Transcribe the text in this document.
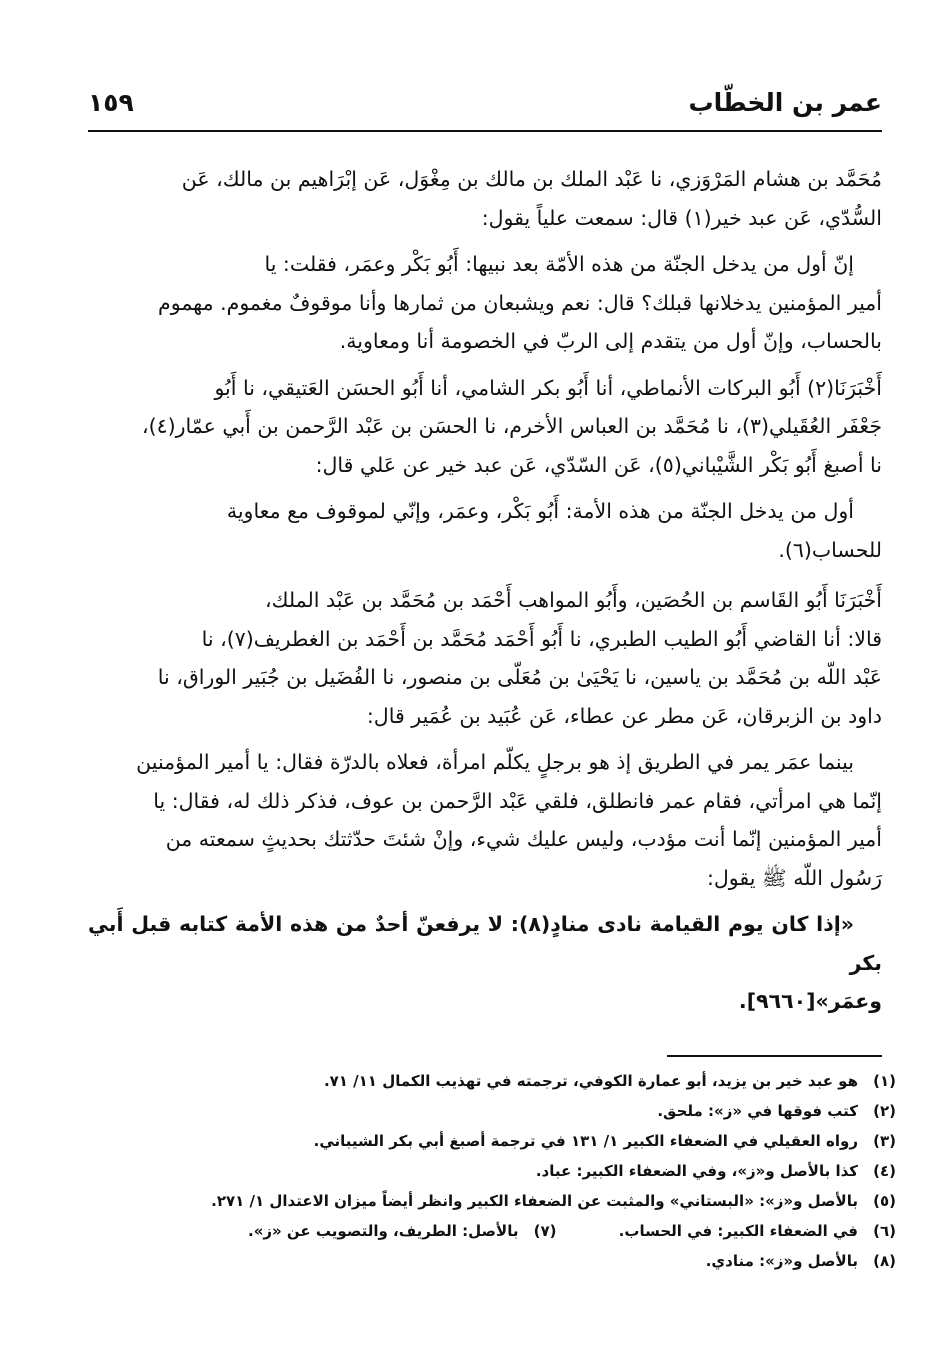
عمر بن الخطّاب
١٥٩

مُحَمَّد بن هشام المَرْوَزي، نا عَبْد الملك بن مالك بن مِغْوَل، عَن إبْرَاهيم بن مالك، عَن
السُّدّي، عَن عبد خير(١) قال: سمعت علياً يقول:

إنّ أول من يدخل الجنّة من هذه الأمّة بعد نبيها: أَبُو بَكْر وعمَر، فقلت: يا
أمير المؤمنين يدخلانها قبلك؟ قال: نعم ويشبعان من ثمارها وأنا موقوفٌ مغموم. مهموم
بالحساب، وإنّ أول من يتقدم إلى الربّ في الخصومة أنا ومعاوية.

أَخْبَرَنَا(٢) أَبُو البركات الأنماطي، أنا أَبُو بكر الشامي، أنا أَبُو الحسَن العَتيقي، نا أَبُو
جَعْفَر العُقَيلي(٣)، نا مُحَمَّد بن العباس الأخرم، نا الحسَن بن عَبْد الرَّحمن بن أَبي عمّار(٤)،
نا أصبغ أَبُو بَكْر الشَّيْباني(٥)، عَن السّدّي، عَن عبد خير عن عَلي قال:

أول من يدخل الجنّة من هذه الأمة: أَبُو بَكْر، وعمَر، وإنّي لموقوف مع معاوية
للحساب(٦).

أَخْبَرَنَا أَبُو القَاسم بن الحُصَين، وأَبُو المواهب أَحْمَد بن مُحَمَّد بن عَبْد الملك،
قالا: أنا القاضي أَبُو الطيب الطبري، نا أَبُو أَحْمَد مُحَمَّد بن أَحْمَد بن الغطريف(٧)، نا
عَبْد اللّه بن مُحَمَّد بن ياسين، نا يَحْيَىٰ بن مُعَلّى بن منصور، نا الفُضَيل بن جُبَير الوراق، نا
داود بن الزبرقان، عَن مطر عن عطاء، عَن عُبَيد بن عُمَير قال:

بينما عمَر يمر في الطريق إذ هو برجلٍ يكلّم امرأة، فعلاه بالدرّة فقال: يا أمير المؤمنين
إنّما هي امرأتي، فقام عمر فانطلق، فلقي عَبْد الرَّحمن بن عوف، فذكر ذلك له، فقال: يا
أمير المؤمنين إنّما أنت مؤدب، وليس عليك شيء، وإنْ شئتَ حدّثتك بحديثٍ سمعته من
رَسُول اللّه ﷺ يقول:

«إذا كان يوم القيامة نادى منادٍ(٨): لا يرفعنّ أحدٌ من هذه الأمة كتابه قبل أَبي بكر
وعمَر»[٩٦٦٠].

(١)هو عبد خير بن يزيد، أبو عمارة الكوفي، ترجمته في تهذيب الكمال ١١/ ٧١.
(٢)كتب فوقها في «ز»: ملحق.
(٣)رواه العقيلي في الضعفاء الكبير ١/ ١٣١ في ترجمة أصبغ أبي بكر الشيباني.
(٤)كذا بالأصل و«ز»، وفي الضعفاء الكبير: عباد.
(٥)بالأصل و«ز»: «البستاني» والمثبت عن الضعفاء الكبير وانظر أيضاً ميزان الاعتدال ١/ ٢٧١.
(٦)في الضعفاء الكبير: في الحساب.
(٧)بالأصل: الطريف، والتصويب عن «ز».
(٨)بالأصل و«ز»: منادي.
